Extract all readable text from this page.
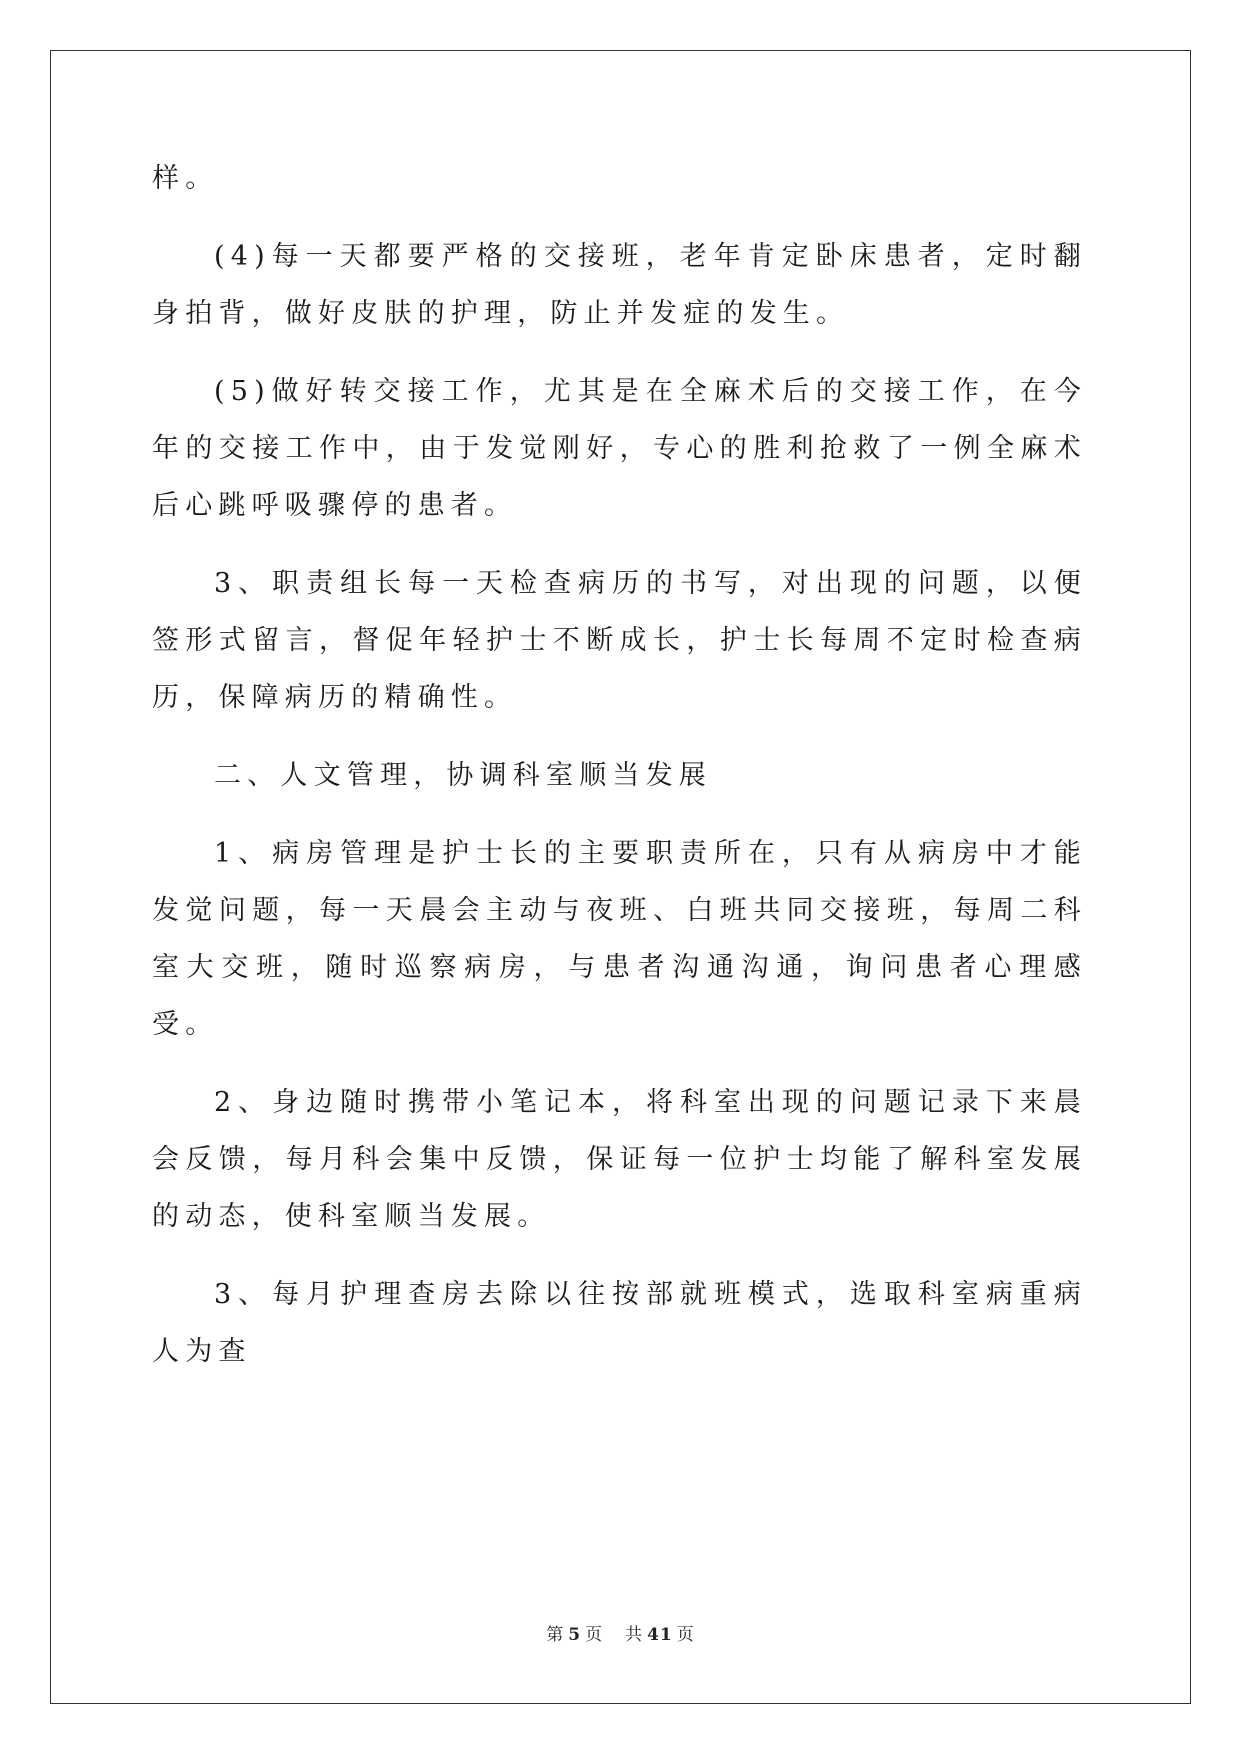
样。

(4)每一天都要严格的交接班，老年肯定卧床患者，定时翻身拍背，做好皮肤的护理，防止并发症的发生。

(5)做好转交接工作，尤其是在全麻术后的交接工作，在今年的交接工作中，由于发觉刚好，专心的胜利抢救了一例全麻术后心跳呼吸骤停的患者。

3、职责组长每一天检查病历的书写，对出现的问题，以便签形式留言，督促年轻护士不断成长，护士长每周不定时检查病历，保障病历的精确性。

二、人文管理，协调科室顺当发展

1、病房管理是护士长的主要职责所在，只有从病房中才能发觉问题，每一天晨会主动与夜班、白班共同交接班，每周二科室大交班，随时巡察病房，与患者沟通沟通，询问患者心理感受。

2、身边随时携带小笔记本，将科室出现的问题记录下来晨会反馈，每月科会集中反馈，保证每一位护士均能了解科室发展的动态，使科室顺当发展。

3、每月护理查房去除以往按部就班模式，选取科室病重病人为查

第 5 页 共 41 页
